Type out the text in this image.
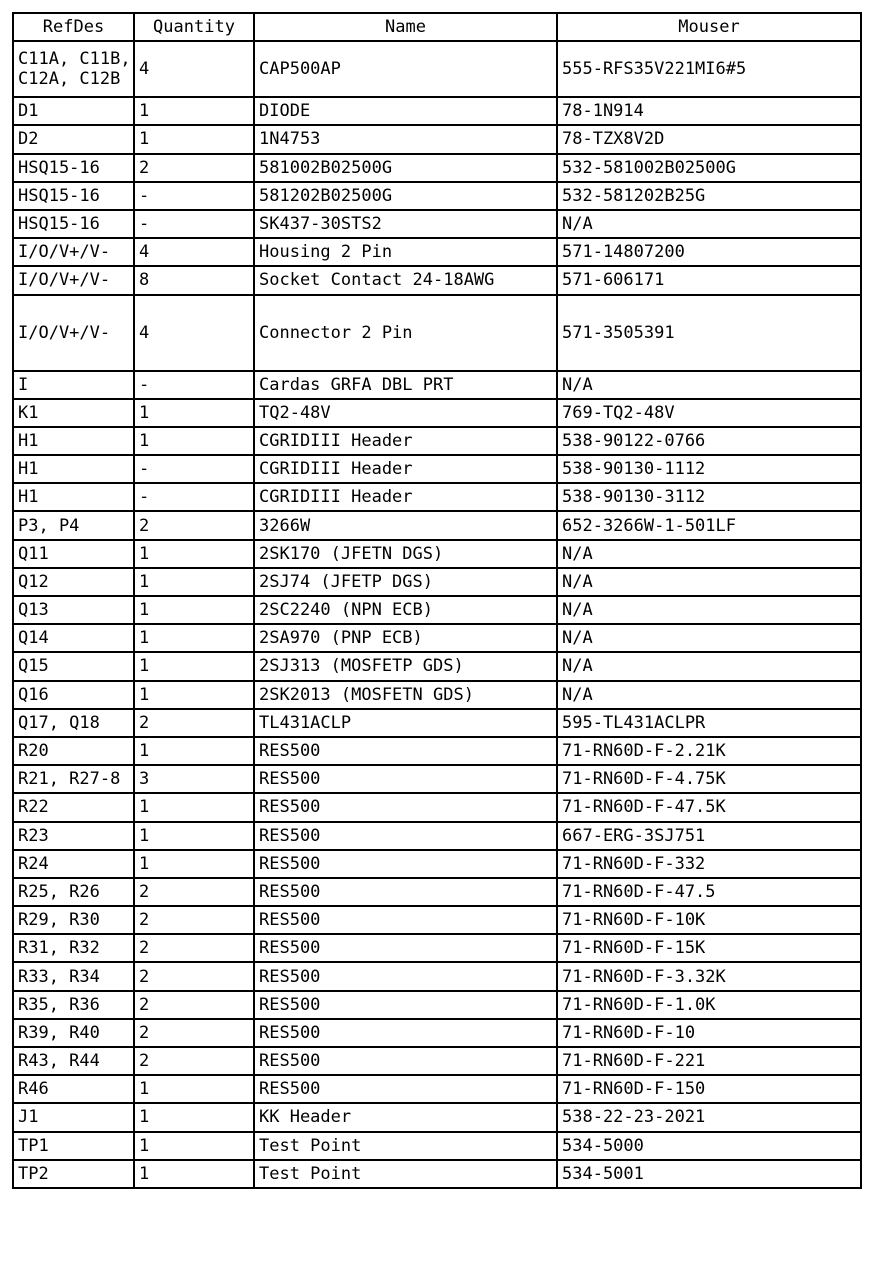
RefDes	Quantity	Name	Mouser
C11A, C11B, C12A, C12B	4	CAP500AP	555-RFS35V221MI6#5
D1	1	DIODE	78-1N914
D2	1	1N4753	78-TZX8V2D
HSQ15-16	2	581002B02500G	532-581002B02500G
HSQ15-16	-	581202B02500G	532-581202B25G
HSQ15-16	-	SK437-30STS2	N/A
I/O/V+/V-	4	Housing 2 Pin	571-14807200
I/O/V+/V-	8	Socket Contact 24-18AWG	571-606171
I/O/V+/V-	4	Connector 2 Pin	571-3505391
I	-	Cardas GRFA DBL PRT	N/A
K1	1	TQ2-48V	769-TQ2-48V
H1	1	CGRIDIII Header	538-90122-0766
H1	-	CGRIDIII Header	538-90130-1112
H1	-	CGRIDIII Header	538-90130-3112
P3, P4	2	3266W	652-3266W-1-501LF
Q11	1	2SK170 (JFETN DGS)	N/A
Q12	1	2SJ74 (JFETP DGS)	N/A
Q13	1	2SC2240 (NPN ECB)	N/A
Q14	1	2SA970 (PNP ECB)	N/A
Q15	1	2SJ313 (MOSFETP GDS)	N/A
Q16	1	2SK2013 (MOSFETN GDS)	N/A
Q17, Q18	2	TL431ACLP	595-TL431ACLPR
R20	1	RES500	71-RN60D-F-2.21K
R21, R27-8	3	RES500	71-RN60D-F-4.75K
R22	1	RES500	71-RN60D-F-47.5K
R23	1	RES500	667-ERG-3SJ751
R24	1	RES500	71-RN60D-F-332
R25, R26	2	RES500	71-RN60D-F-47.5
R29, R30	2	RES500	71-RN60D-F-10K
R31, R32	2	RES500	71-RN60D-F-15K
R33, R34	2	RES500	71-RN60D-F-3.32K
R35, R36	2	RES500	71-RN60D-F-1.0K
R39, R40	2	RES500	71-RN60D-F-10
R43, R44	2	RES500	71-RN60D-F-221
R46	1	RES500	71-RN60D-F-150
J1	1	KK Header	538-22-23-2021
TP1	1	Test Point	534-5000
TP2	1	Test Point	534-5001
